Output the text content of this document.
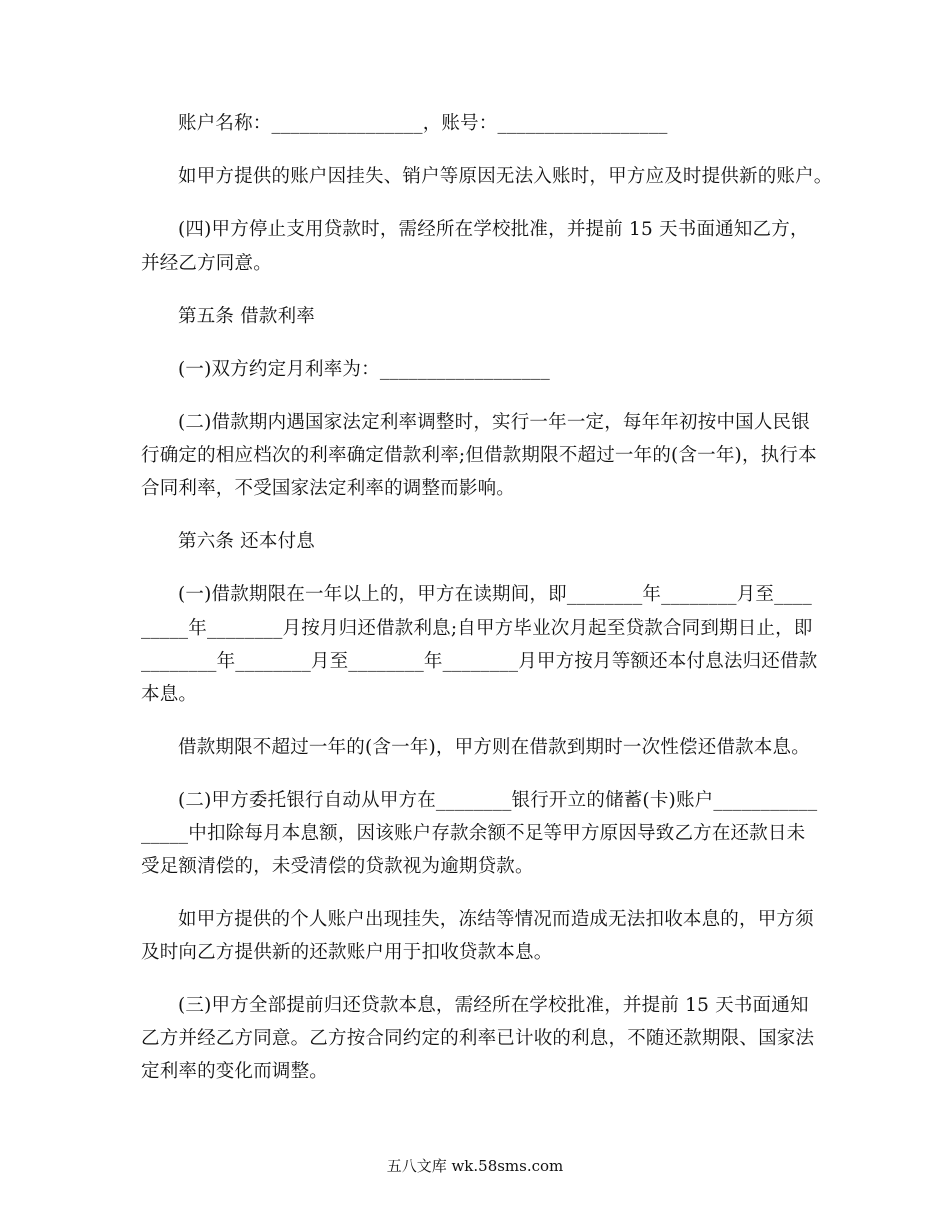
账户名称：________________，账号：__________________
如甲方提供的账户因挂失、销户等原因无法入账时，甲方应及时提供新的账户。
(四)甲方停止支用贷款时，需经所在学校批准，并提前 15 天书面通知乙方，
并经乙方同意。
第五条 借款利率
(一)双方约定月利率为：__________________
(二)借款期内遇国家法定利率调整时，实行一年一定，每年年初按中国人民银
行确定的相应档次的利率确定借款利率;但借款期限不超过一年的(含一年)，执行本
合同利率，不受国家法定利率的调整而影响。
第六条 还本付息
(一)借款期限在一年以上的，甲方在读期间，即________年________月至____
_____年________月按月归还借款利息;自甲方毕业次月起至贷款合同到期日止，即
________年________月至________年________月甲方按月等额还本付息法归还借款
本息。
借款期限不超过一年的(含一年)，甲方则在借款到期时一次性偿还借款本息。
(二)甲方委托银行自动从甲方在________银行开立的储蓄(卡)账户___________
_____中扣除每月本息额，因该账户存款余额不足等甲方原因导致乙方在还款日未
受足额清偿的，未受清偿的贷款视为逾期贷款。
如甲方提供的个人账户出现挂失，冻结等情况而造成无法扣收本息的，甲方须
及时向乙方提供新的还款账户用于扣收贷款本息。
(三)甲方全部提前归还贷款本息，需经所在学校批准，并提前 15 天书面通知
乙方并经乙方同意。乙方按合同约定的利率已计收的利息，不随还款期限、国家法
定利率的变化而调整。
五八文库 wk.58sms.com
